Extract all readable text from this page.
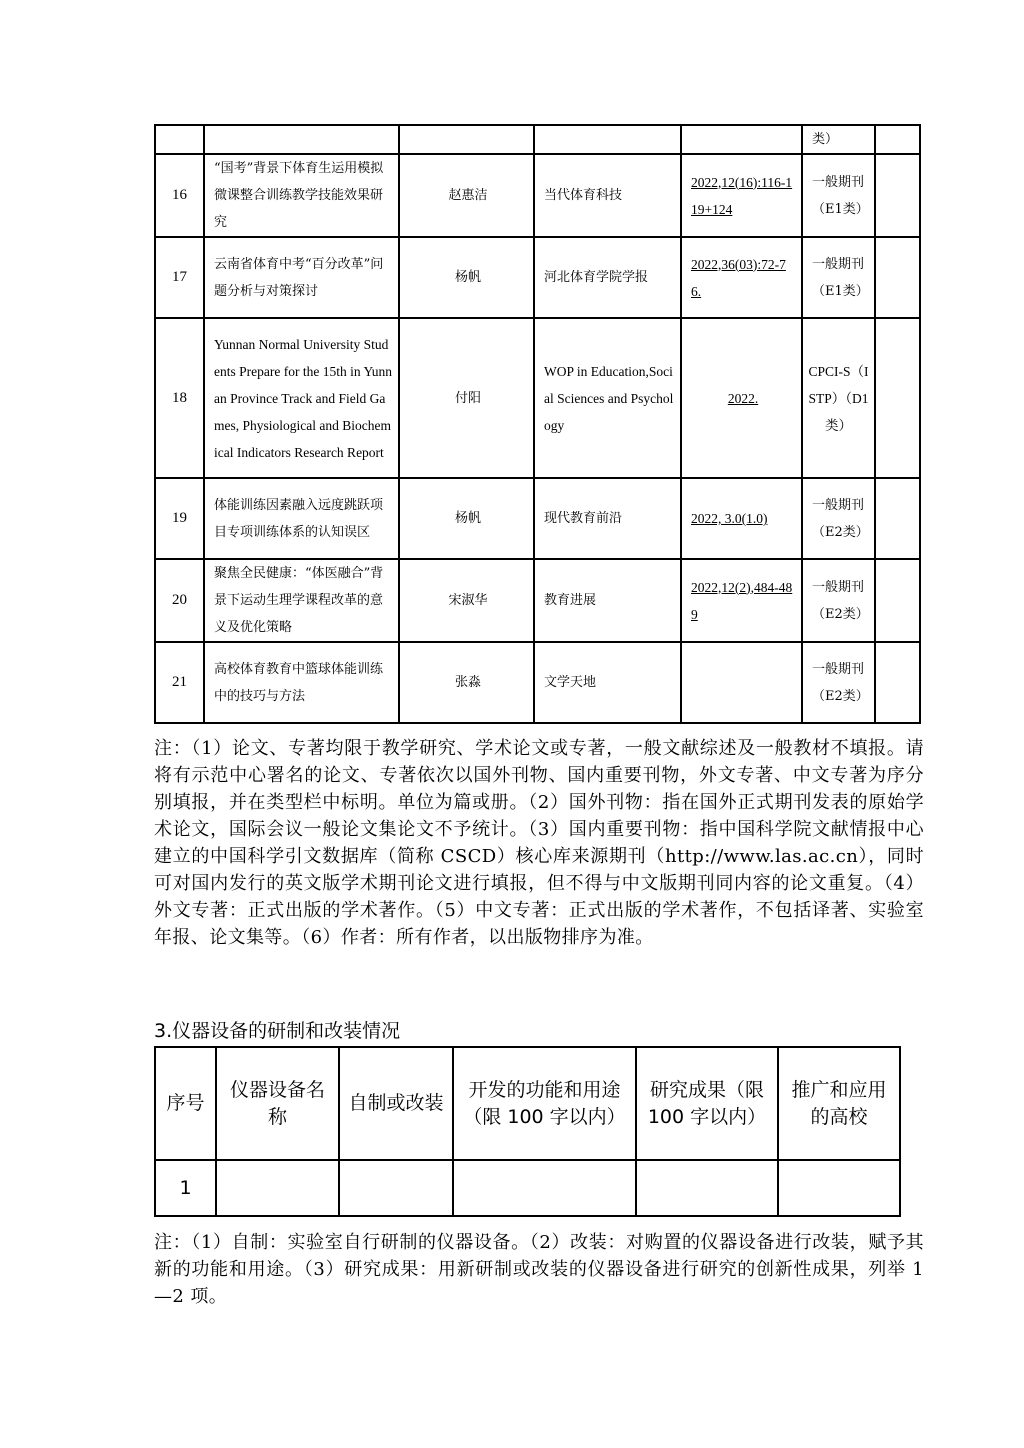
					类）	
16	“国考”背景下体育生运用模拟微课整合训练教学技能效果研究	赵惠洁	当代体育科技	2022,12(16):116-119+124	一般期刊（E1类）	
17	云南省体育中考“百分改革”问题分析与对策探讨	杨帆	河北体育学院学报	2022,36(03):72-76.	一般期刊（E1类）	
18	Yunnan Normal University Students Prepare for the 15th in Yunnan Province Track and Field Games, Physiological and Biochemical Indicators Research Report	付阳	WOP in Education,Social Sciences and Psychology	2022.	CPCI-S（ISTP）（D1类）	
19	体能训练因素融入远度跳跃项目专项训练体系的认知误区	杨帆	现代教育前沿	2022, 3.0(1.0)	一般期刊（E2类）	
20	聚焦全民健康：“体医融合”背景下运动生理学课程改革的意义及优化策略	宋淑华	教育进展	2022,12(2),484-489	一般期刊（E2类）	
21	高校体育教育中篮球体能训练中的技巧与方法	张淼	文学天地		一般期刊（E2类）	
注：（1）论文、专著均限于教学研究、学术论文或专著，一般文献综述及一般教材不填报。请将有示范中心署名的论文、专著依次以国外刊物、国内重要刊物，外文专著、中文专著为序分别填报，并在类型栏中标明。单位为篇或册。（2）国外刊物：指在国外正式期刊发表的原始学术论文，国际会议一般论文集论文不予统计。（3）国内重要刊物：指中国科学院文献情报中心建立的中国科学引文数据库（简称 CSCD）核心库来源期刊（http://www.las.ac.cn），同时可对国内发行的英文版学术期刊论文进行填报，但不得与中文版期刊同内容的论文重复。（4）外文专著：正式出版的学术著作。（5）中文专著：正式出版的学术著作，不包括译著、实验室年报、论文集等。（6）作者：所有作者，以出版物排序为准。
3.仪器设备的研制和改装情况
序号	仪器设备名称	自制或改装	开发的功能和用途（限 100 字以内）	研究成果（限 100 字以内）	推广和应用的高校
1					
注：（1）自制：实验室自行研制的仪器设备。（2）改装：对购置的仪器设备进行改装，赋予其新的功能和用途。（3）研究成果：用新研制或改装的仪器设备进行研究的创新性成果，列举 1—2 项。
